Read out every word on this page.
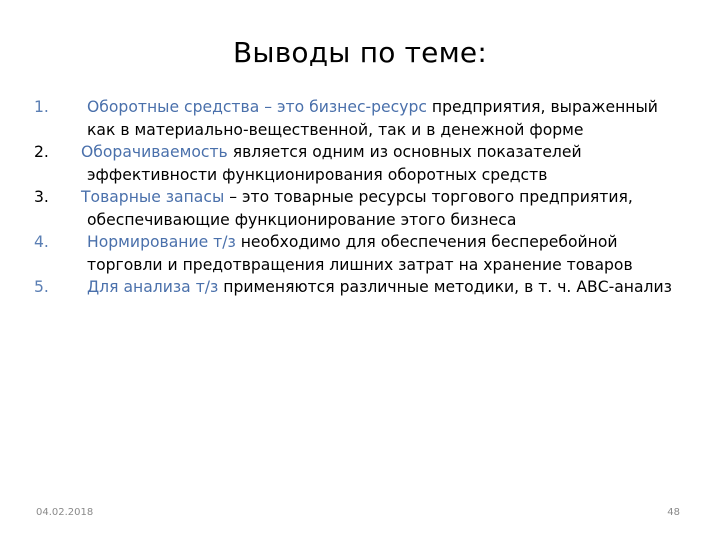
Выводы по теме:
1. Оборотные средства – это бизнес-ресурс предприятия, выраженный как в материально-вещественной, так и в денежной форме
2. Оборачиваемость является одним из основных показателей эффективности функционирования оборотных средств
3. Товарные запасы – это товарные ресурсы торгового предприятия, обеспечивающие функционирование этого бизнеса
4. Нормирование т/з необходимо для обеспечения бесперебойной торговли и предотвращения лишних затрат на хранение товаров
5. Для анализа т/з применяются различные методики, в т. ч. АВС-анализ
04.02.2018	48
